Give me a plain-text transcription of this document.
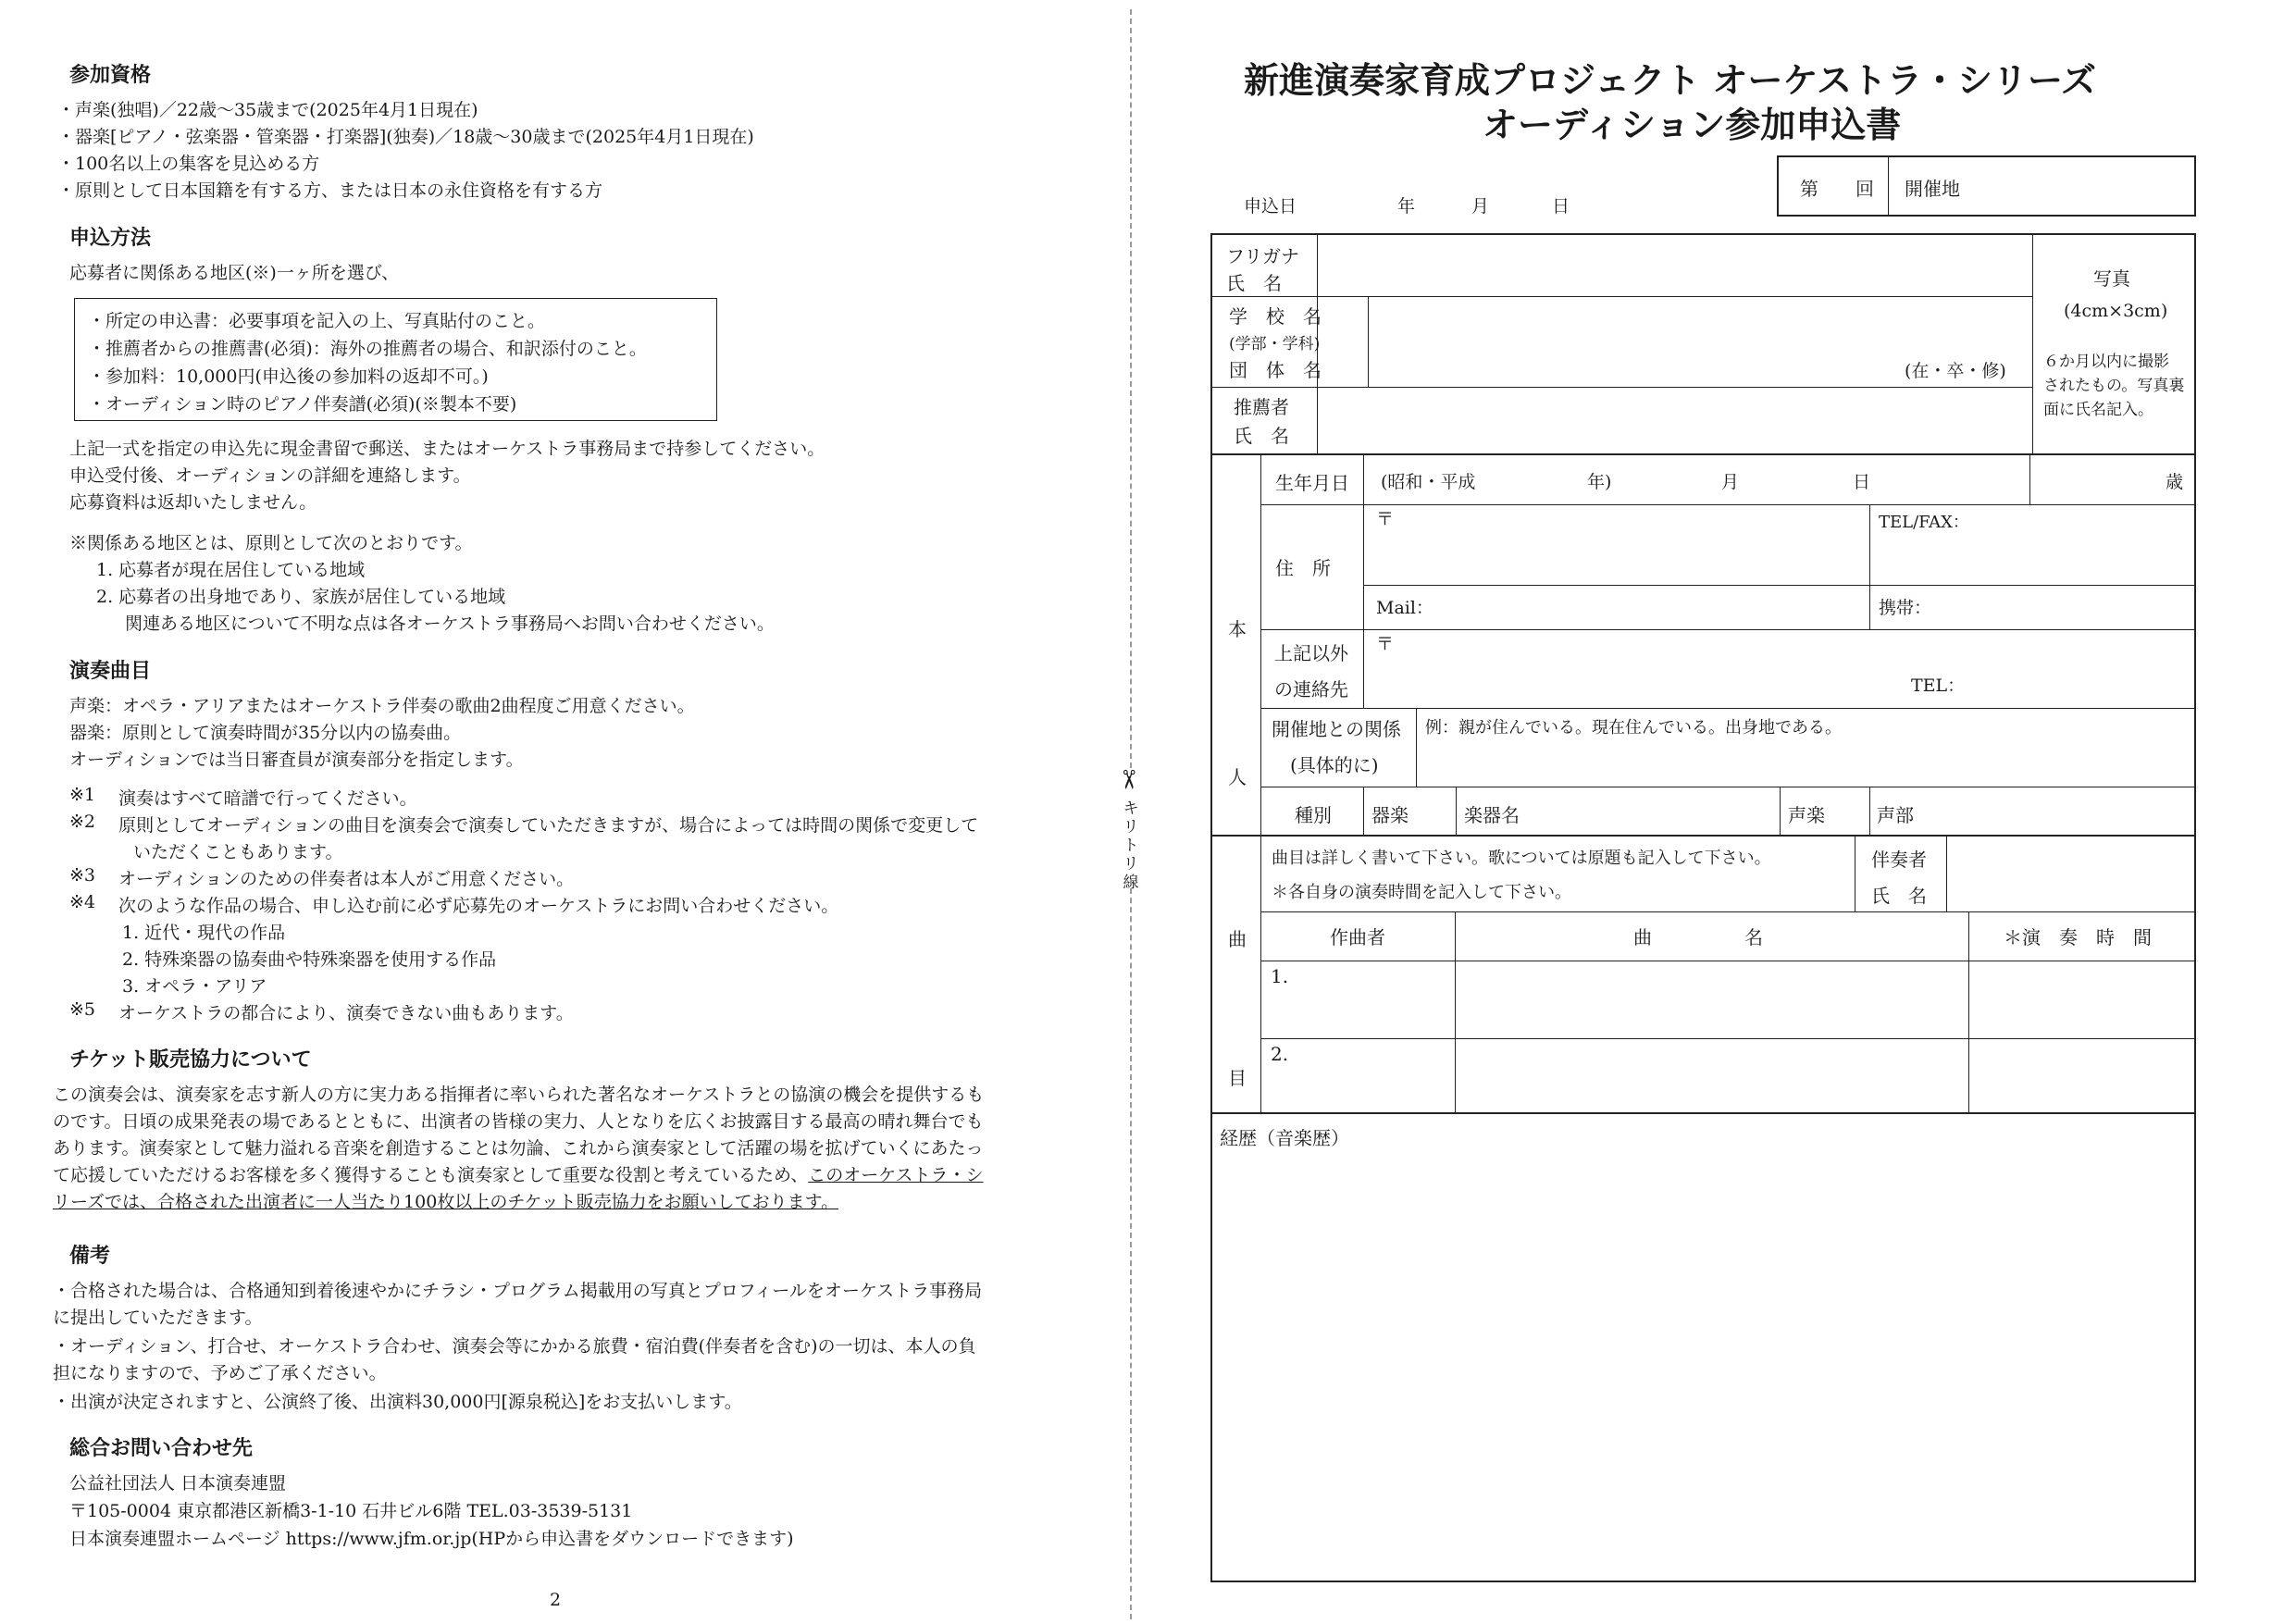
参加資格
・声楽(独唱)／22歳～35歳まで(2025年4月1日現在)
・器楽[ピアノ・弦楽器・管楽器・打楽器](独奏)／18歳～30歳まで(2025年4月1日現在)
・100名以上の集客を見込める方
・原則として日本国籍を有する方、または日本の永住資格を有する方
申込方法
応募者に関係ある地区(※)一ヶ所を選び、
・所定の申込書：必要事項を記入の上、写真貼付のこと。
・推薦者からの推薦書(必須)：海外の推薦者の場合、和訳添付のこと。
・参加料：10,000円(申込後の参加料の返却不可。)
・オーディション時のピアノ伴奏譜(必須)(※製本不要)
上記一式を指定の申込先に現金書留で郵送、またはオーケストラ事務局まで持参してください。
申込受付後、オーディションの詳細を連絡します。
応募資料は返却いたしません。
※関係ある地区とは、原則として次のとおりです。
1. 応募者が現在居住している地域
2. 応募者の出身地であり、家族が居住している地域
関連ある地区について不明な点は各オーケストラ事務局へお問い合わせください。
演奏曲目
声楽：オペラ・アリアまたはオーケストラ伴奏の歌曲2曲程度ご用意ください。
器楽：原則として演奏時間が35分以内の協奏曲。
オーディションでは当日審査員が演奏部分を指定します。
※1 演奏はすべて暗譜で行ってください。
※2 原則としてオーディションの曲目を演奏会で演奏していただきますが、場合によっては時間の関係で変更して
いただくこともあります。
※3 オーディションのための伴奏者は本人がご用意ください。
※4 次のような作品の場合、申し込む前に必ず応募先のオーケストラにお問い合わせください。
1. 近代・現代の作品
2. 特殊楽器の協奏曲や特殊楽器を使用する作品
3. オペラ・アリア
※5 オーケストラの都合により、演奏できない曲もあります。
チケット販売協力について
この演奏会は、演奏家を志す新人の方に実力ある指揮者に率いられた著名なオーケストラとの協演の機会を提供するも
のです。日頃の成果発表の場であるとともに、出演者の皆様の実力、人となりを広くお披露目する最高の晴れ舞台でも
あります。演奏家として魅力溢れる音楽を創造することは勿論、これから演奏家として活躍の場を拡げていくにあたっ
て応援していただけるお客様を多く獲得することも演奏家として重要な役割と考えているため、このオーケストラ・シ
リーズでは、合格された出演者に一人当たり100枚以上のチケット販売協力をお願いしております。
備考
・合格された場合は、合格通知到着後速やかにチラシ・プログラム掲載用の写真とプロフィールをオーケストラ事務局
に提出していただきます。
・オーディション、打合せ、オーケストラ合わせ、演奏会等にかかる旅費・宿泊費(伴奏者を含む)の一切は、本人の負
担になりますので、予めご了承ください。
・出演が決定されますと、公演終了後、出演料30,000円[源泉税込]をお支払いします。
総合お問い合わせ先
公益社団法人 日本演奏連盟
〒105-0004 東京都港区新橋3-1-10 石井ビル6階 TEL.03-3539-5131
日本演奏連盟ホームページ https://www.jfm.or.jp(HPから申込書をダウンロードできます)
2
✂
キリトリ線
新進演奏家育成プロジェクト オーケストラ・シリーズ
オーディション参加申込書
申込日	年	月	日
第　　回 開催地
フリガナ
氏　名
学　校　名
(学部・学科)
団　体　名	(在・卒・修)
推薦者
氏　名
写真
(4cm×3cm)
６か月以内に撮影
されたもの。写真裏
面に氏名記入。
本人
生年月日 (昭和・平成	年)	月	日	歳
住　所
〒	TEL/FAX：
Mail：	携帯：
上記以外
の連絡先
〒
TEL：
開催地との関係
(具体的に)
例：親が住んでいる。現在住んでいる。出身地である。
種別 器楽	楽器名	声楽	声部
曲目
曲目は詳しく書いて下さい。歌については原題も記入して下さい。
＊各自身の演奏時間を記入して下さい。
伴奏者
氏　名
作曲者	曲　　　　　名	＊演　奏　時　間
1.
2.
経歴（音楽歴）
